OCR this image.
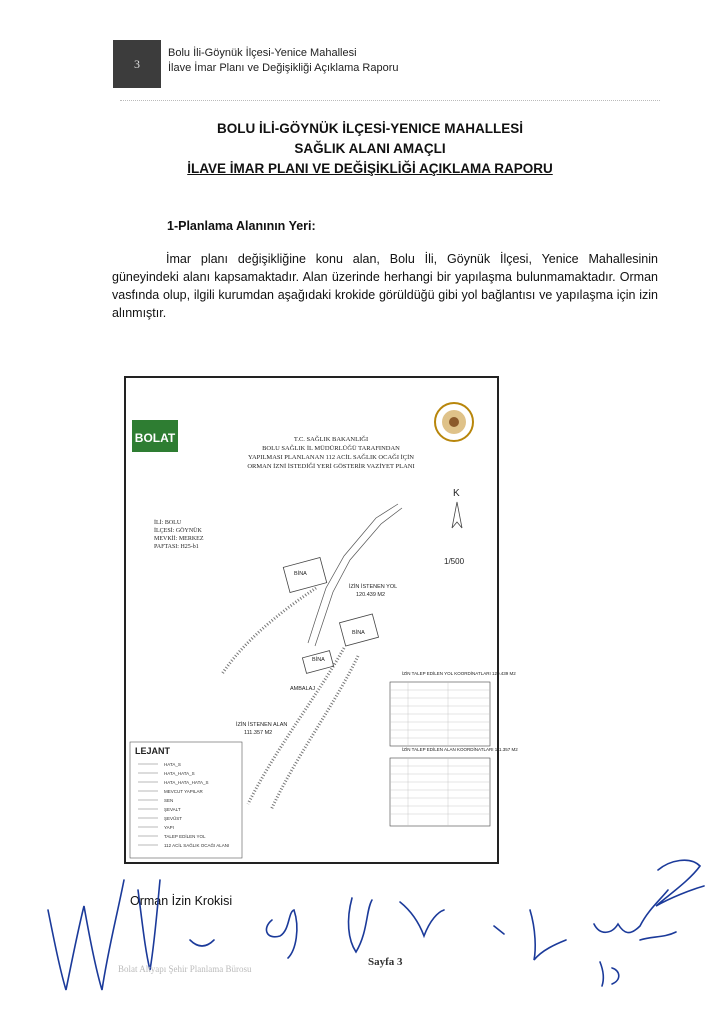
3
Bolu İli-Göynük İlçesi-Yenice Mahallesi
İlave İmar Planı ve Değişikliği Açıklama Raporu
BOLU İLİ-GÖYNÜK İLÇESİ-YENICE MAHALLESİ
SAĞLIK ALANI AMAÇLI
İLAVE İMAR PLANI VE DEĞİŞİKLİĞİ AÇIKLAMA RAPORU
1-Planlama Alanının Yeri:

İmar planı değişikliğine konu alan, Bolu İli, Göynük İlçesi, Yenice Mahallesinin güneyindeki alanı kapsamaktadır. Alan üzerinde herhangi bir yapılaşma bulunmamaktadır. Orman vasfında olup, ilgili kurumdan aşağıdaki krokide görüldüğü gibi yol bağlantısı ve yapılaşma için izin alınmıştır.

BOLAT	T.C. SAĞLIK BAKANLIĞI
BOLU SAĞLIK İL MÜDÜRLÜĞÜ TARAFINDAN
YAPILMASI PLANLANAN 112 ACİL SAĞLIK OCAĞI İÇİN
ORMAN İZNİ İSTEDİĞİ YERİ GÖSTERİR VAZİYET PLANI
İLİ: BOLU
İLÇESİ: GÖYNÜK
MEVKİİ: MERKEZ
PAFTASI: H25-b1
K
1/500
BİNA
BİNA
BİNA
İZİN İSTENEN YOL
120.439 M2
İZİN İSTENEN ALAN
111.357 M2
AMBALAJ
İZİN TALEP EDİLEN YOL KOORDİNATLARI 120.439 M2
İZİN TALEP EDİLEN ALAN KOORDİNATLARI 111.357 M2
LEJANT
HATA_S
HATA_HATA_S
HATA_HATA_HATA_S
MEVCUT YAPILAR
SEN
ŞEVALT
ŞEVÜST
YAPI
TALEP EDİLEN YOL
112 ACİL SAĞLIK OCAĞI ALANI
Orman İzin Krokisi
Bolat Altyapı Şehir Planlama Bürosu
Sayfa 3
